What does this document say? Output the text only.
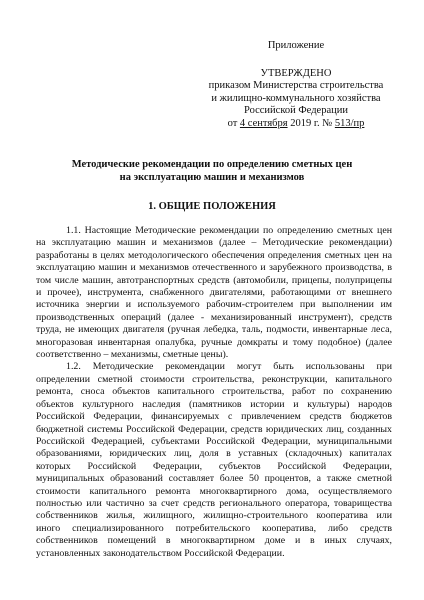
Приложение
УТВЕРЖДЕНО
приказом Министерства строительства
и жилищно-коммунального хозяйства
Российской Федерации
от 4 сентября 2019 г. № 513/пр
Методические рекомендации по определению сметных цен
на эксплуатацию машин и механизмов
1. ОБЩИЕ ПОЛОЖЕНИЯ
1.1. Настоящие Методические рекомендации по определению сметных цен
на эксплуатацию машин и механизмов (далее – Методические рекомендации)
разработаны в целях методологического обеспечения определения сметных цен на
эксплуатацию машин и механизмов отечественного и зарубежного производства, в
том числе машин, автотранспортных средств (автомобили, прицепы, полуприцепы
и прочее), инструмента, снабженного двигателями, работающими от внешнего
источника энергии и используемого рабочим-строителем при выполнении им
производственных операций (далее - механизированный инструмент), средств
труда, не имеющих двигателя (ручная лебедка, таль, подмости, инвентарные леса,
многоразовая инвентарная опалубка, ручные домкраты и тому подобное) (далее
соответственно – механизмы, сметные цены).
1.2. Методические рекомендации могут быть использованы при
определении сметной стоимости строительства, реконструкции, капитального
ремонта, сноса объектов капитального строительства, работ по сохранению
объектов культурного наследия (памятников истории и культуры) народов
Российской Федерации, финансируемых с привлечением средств бюджетов
бюджетной системы Российской Федерации, средств юридических лиц, созданных
Российской Федерацией, субъектами Российской Федерации, муниципальными
образованиями, юридических лиц, доля в уставных (складочных) капиталах
которых Российской Федерации, субъектов Российской Федерации,
муниципальных образований составляет более 50 процентов, а также сметной
стоимости капитального ремонта многоквартирного дома, осуществляемого
полностью или частично за счет средств регионального оператора, товарищества
собственников жилья, жилищного, жилищно-строительного кооператива или
иного специализированного потребительского кооператива, либо средств
собственников помещений в многоквартирном доме и в иных случаях,
установленных законодательством Российской Федерации.
